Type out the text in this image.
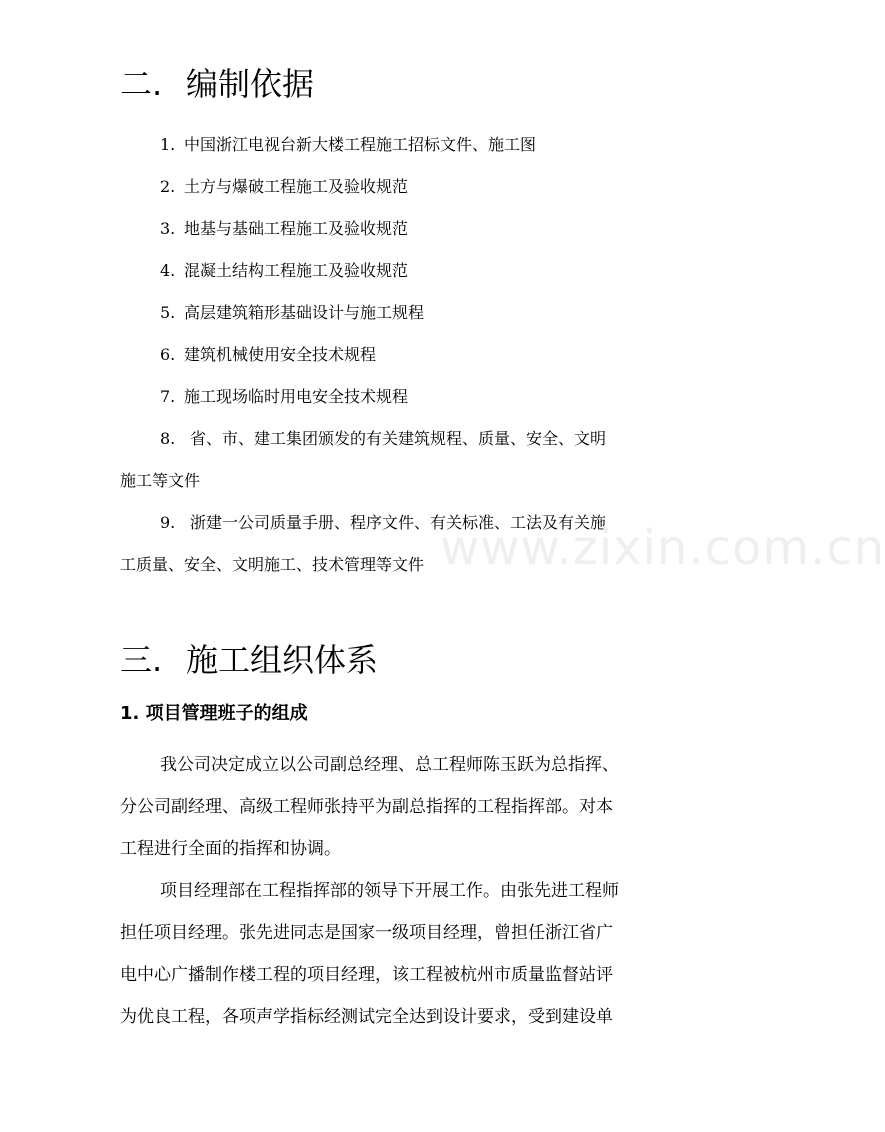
二. 编制依据
1. 中国浙江电视台新大楼工程施工招标文件、施工图
2. 土方与爆破工程施工及验收规范
3. 地基与基础工程施工及验收规范
4. 混凝土结构工程施工及验收规范
5. 高层建筑箱形基础设计与施工规程
6. 建筑机械使用安全技术规程
7. 施工现场临时用电安全技术规程
8. 省、市、建工集团颁发的有关建筑规程、质量、安全、文明
施工等文件
9. 浙建一公司质量手册、程序文件、有关标准、工法及有关施
工质量、安全、文明施工、技术管理等文件 www.zixin.com.cn
三. 施工组织体系
1. 项目管理班子的组成
我公司决定成立以公司副总经理、总工程师陈玉跃为总指挥、
分公司副经理、高级工程师张持平为副总指挥的工程指挥部。对本
工程进行全面的指挥和协调。
项目经理部在工程指挥部的领导下开展工作。由张先进工程师
担任项目经理。张先进同志是国家一级项目经理，曾担任浙江省广
电中心广播制作楼工程的项目经理，该工程被杭州市质量监督站评
为优良工程，各项声学指标经测试完全达到设计要求，受到建设单
